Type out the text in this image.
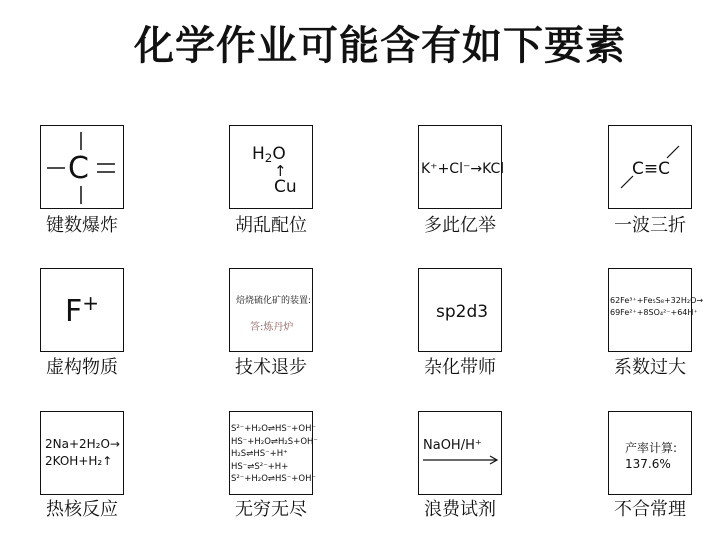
化学作业可能含有如下要素
C
键数爆炸
$H_2O$
↑
Cu
胡乱配位
K⁺+Cl⁻→KCl
多此亿举
C≡C
一波三折
F+
虚构物质
焙烧硫化矿的装置:
答:炼丹炉
技术退步
sp2d3
杂化带师
62Fe³⁺+Fe₅S₈+32H₂O→
69Fe²⁺+8SO₄²⁻+64H⁺
系数过大
2Na+2H₂O→
2KOH+H₂↑
热核反应
S²⁻+H₂O⇌HS⁻+OH⁻
HS⁻+H₂O⇌H₂S+OH⁻
H₂S⇌HS⁻+H⁺
HS⁻⇌S²⁻+H+
S²⁻+H₂O⇌HS⁻+OH⁻
无穷无尽
NaOH/H⁺
浪费试剂
产率计算:
137.6%
不合常理
